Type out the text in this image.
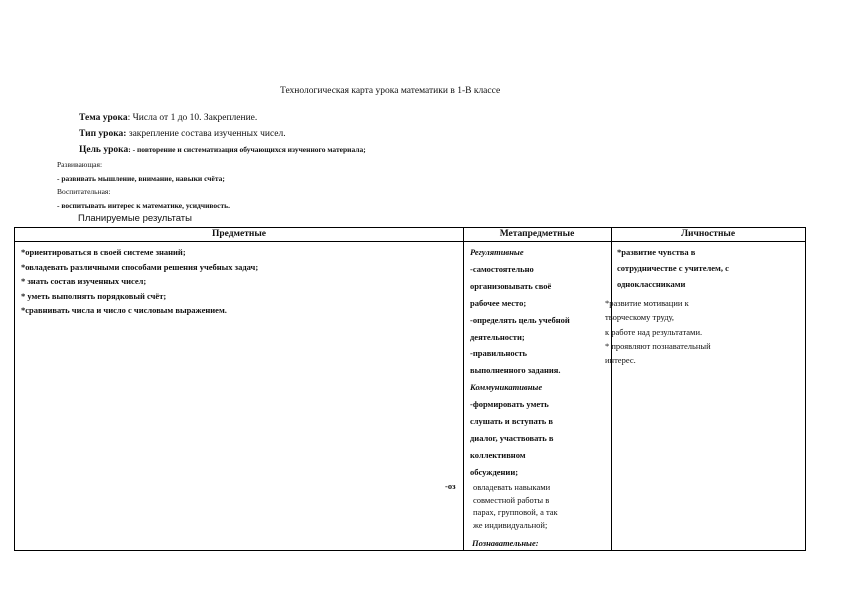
Технологическая карта урока математики в 1-В классе
Тема урока: Числа от 1 до 10. Закрепление.
Тип урока: закрепление состава изученных чисел.
Цель урока: - повторение и систематизация обучающихся изученного материала;
Развивающая:
- развивать мышление, внимание, навыки счёта;
Воспитательная:
- воспитывать интерес к математике, усидчивость.
Планируемые результаты
Предметные	Метапредметные	Личностные
*ориентироваться в своей системе знаний;
*овладевать различными способами решения учебных задач;
* знать состав изученных чисел;
* уметь выполнять порядковый счёт;
*сравнивать числа и число с числовым выражением.
Регулятивные
-самостоятельно
организовывать своё
рабочее место;
-определять цель учебной
деятельности;
-правильность
выполненного задания.
Коммуникативные
-формировать уметь
слушать и вступать в
диалог, участвовать в
коллективном
обсуждении;
-оз овладевать навыками
совместной работы в
парах, групповой, а так
же индивидуальной;
Познавательные:
*развитие чувства в
сотрудничестве с учителем, с
одноклассниками
*развитие мотивации к
творческому труду,
к работе над результатами.
* проявляют познавательный
интерес.
